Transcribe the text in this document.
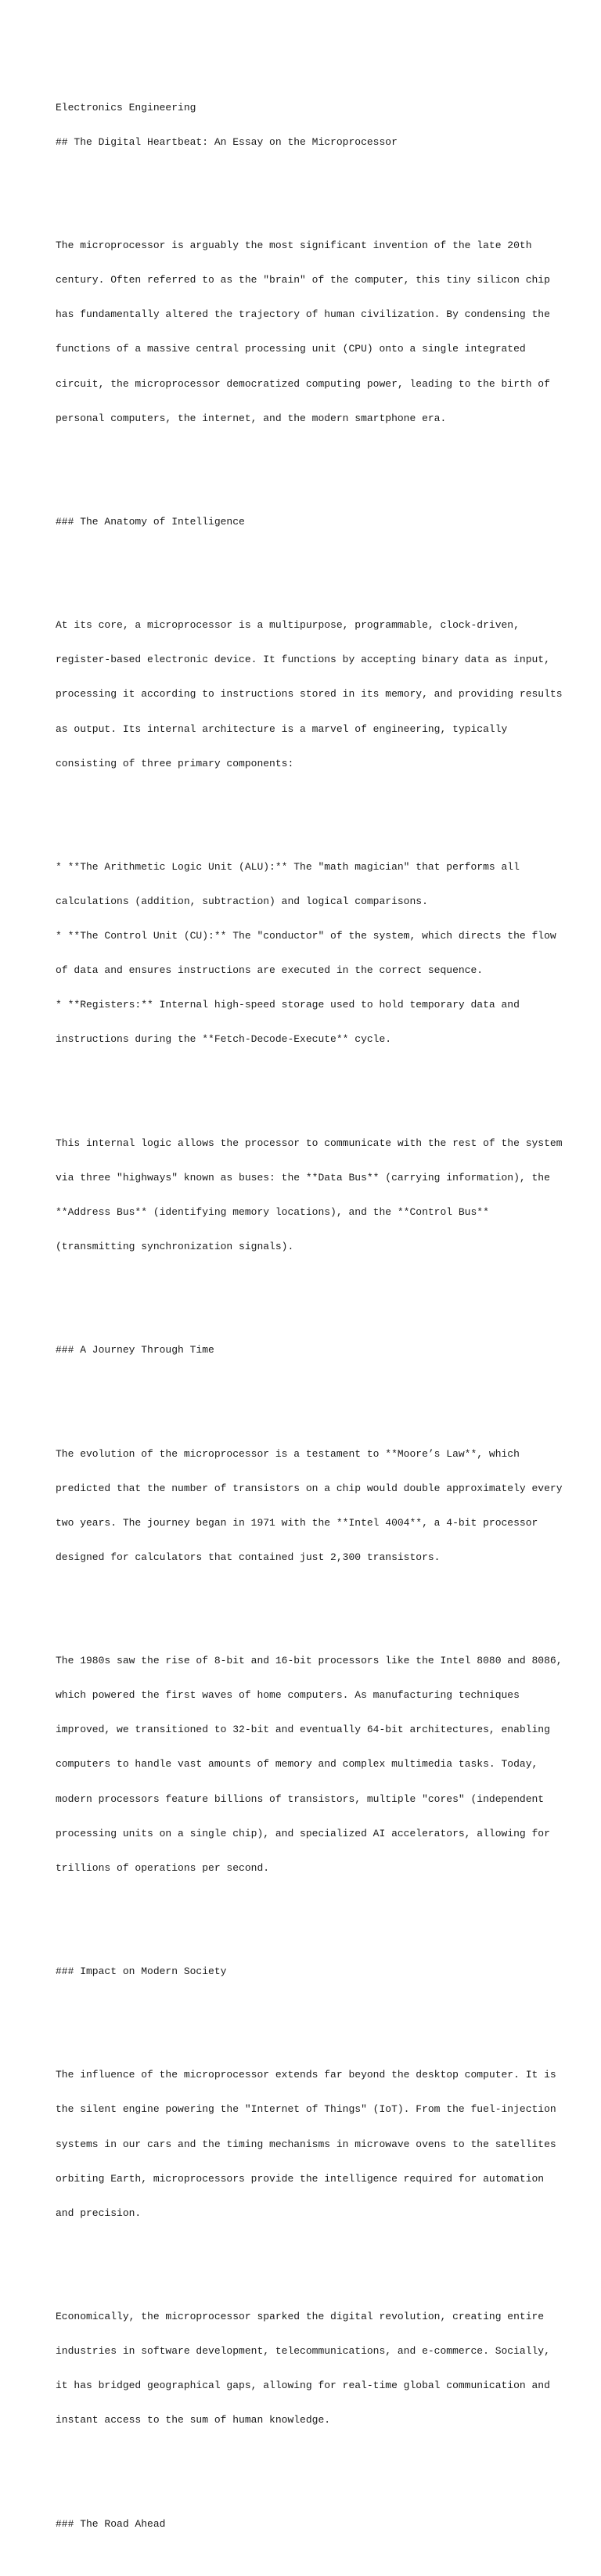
Electronics Engineering

## The Digital Heartbeat: An Essay on the Microprocessor

The microprocessor is arguably the most significant invention of the late 20th

century. Often referred to as the "brain" of the computer, this tiny silicon chip

has fundamentally altered the trajectory of human civilization. By condensing the

functions of a massive central processing unit (CPU) onto a single integrated

circuit, the microprocessor democratized computing power, leading to the birth of

personal computers, the internet, and the modern smartphone era.

### The Anatomy of Intelligence

At its core, a microprocessor is a multipurpose, programmable, clock-driven,

register-based electronic device. It functions by accepting binary data as input,

processing it according to instructions stored in its memory, and providing results

as output. Its internal architecture is a marvel of engineering, typically

consisting of three primary components:

* **The Arithmetic Logic Unit (ALU):** The "math magician" that performs all

calculations (addition, subtraction) and logical comparisons.

* **The Control Unit (CU):** The "conductor" of the system, which directs the flow

of data and ensures instructions are executed in the correct sequence.

* **Registers:** Internal high-speed storage used to hold temporary data and

instructions during the **Fetch-Decode-Execute** cycle.

This internal logic allows the processor to communicate with the rest of the system

via three "highways" known as buses: the **Data Bus** (carrying information), the

**Address Bus** (identifying memory locations), and the **Control Bus**

(transmitting synchronization signals).

### A Journey Through Time

The evolution of the microprocessor is a testament to **Moore’s Law**, which

predicted that the number of transistors on a chip would double approximately every

two years. The journey began in 1971 with the **Intel 4004**, a 4-bit processor

designed for calculators that contained just 2,300 transistors.

The 1980s saw the rise of 8-bit and 16-bit processors like the Intel 8080 and 8086,

which powered the first waves of home computers. As manufacturing techniques

improved, we transitioned to 32-bit and eventually 64-bit architectures, enabling

computers to handle vast amounts of memory and complex multimedia tasks. Today,

modern processors feature billions of transistors, multiple "cores" (independent

processing units on a single chip), and specialized AI accelerators, allowing for

trillions of operations per second.

### Impact on Modern Society

The influence of the microprocessor extends far beyond the desktop computer. It is

the silent engine powering the "Internet of Things" (IoT). From the fuel-injection

systems in our cars and the timing mechanisms in microwave ovens to the satellites

orbiting Earth, microprocessors provide the intelligence required for automation

and precision.

Economically, the microprocessor sparked the digital revolution, creating entire

industries in software development, telecommunications, and e-commerce. Socially,

it has bridged geographical gaps, allowing for real-time global communication and

instant access to the sum of human knowledge.

### The Road Ahead
